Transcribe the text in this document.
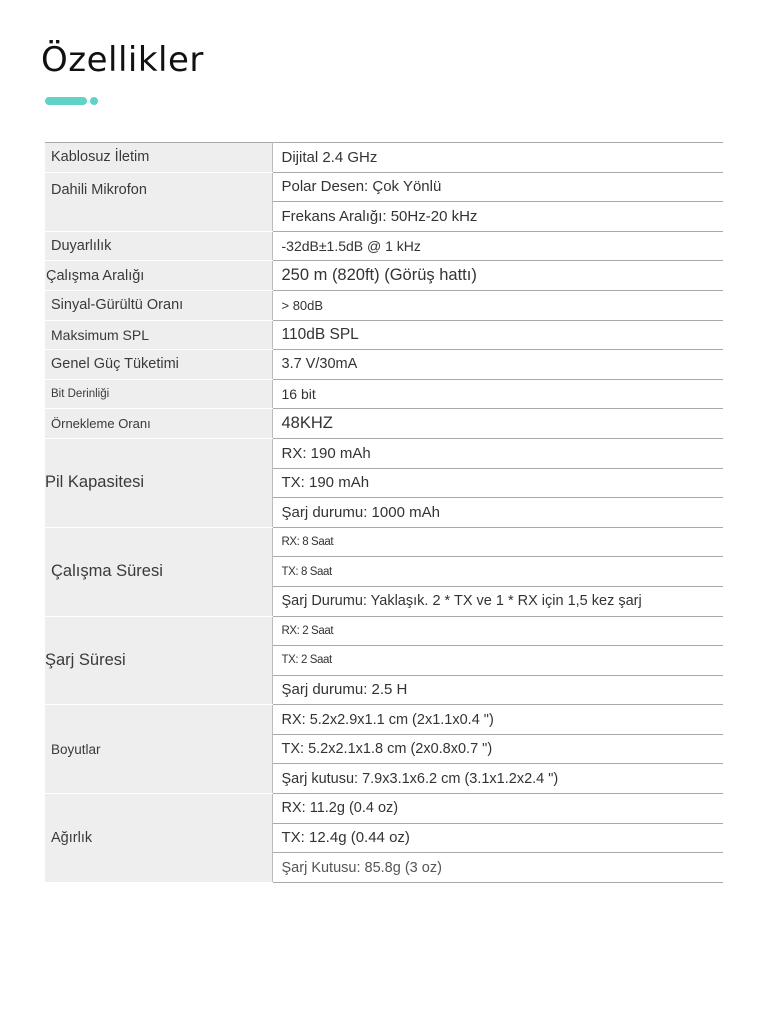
Özellikler
Kablosuz İletim	Dijital 2.4 GHz
Dahili Mikrofon	Polar Desen: Çok Yönlü
	Frekans Aralığı: 50Hz-20 kHz
Duyarlılık	-32dB±1.5dB @ 1 kHz
Çalışma Aralığı	250 m (820ft) (Görüş hattı)
Sinyal-Gürültü Oranı	> 80dB
Maksimum SPL	110dB SPL
Genel Güç Tüketimi	3.7 V/30mA
Bit Derinliği	16 bit
Örnekleme Oranı	48KHZ
Pil Kapasitesi	RX: 190 mAh
	TX: 190 mAh
	Şarj durumu: 1000 mAh
Çalışma Süresi	RX: 8 Saat
	TX: 8 Saat
	Şarj Durumu: Yaklaşık. 2 * TX ve 1 * RX için 1,5 kez şarj
Şarj Süresi	RX: 2 Saat
	TX: 2 Saat
	Şarj durumu: 2.5 H
Boyutlar	RX: 5.2x2.9x1.1 cm (2x1.1x0.4 ")
	TX: 5.2x2.1x1.8 cm (2x0.8x0.7 ")
	Şarj kutusu: 7.9x3.1x6.2 cm (3.1x1.2x2.4 ")
Ağırlık	RX: 11.2g (0.4 oz)
	TX: 12.4g (0.44 oz)
	Şarj Kutusu: 85.8g (3 oz)
